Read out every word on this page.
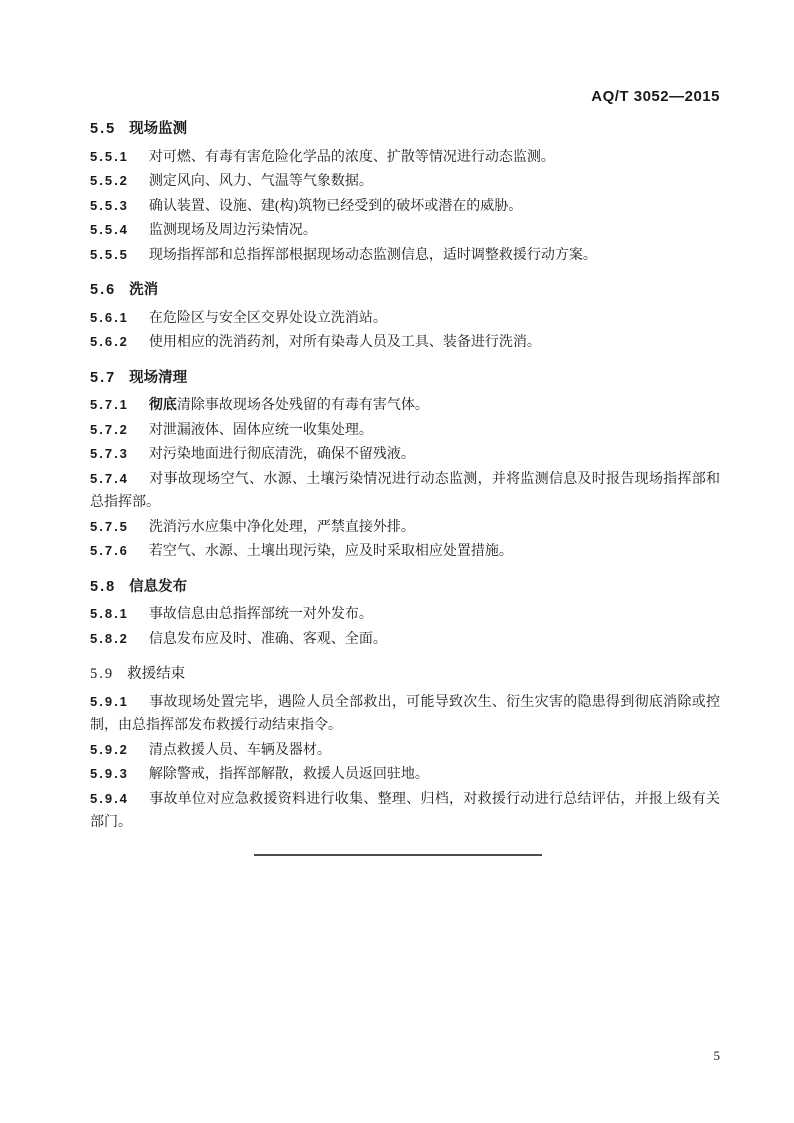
AQ/T 3052—2015
5.5 现场监测

5.5.1 对可燃、有毒有害危险化学品的浓度、扩散等情况进行动态监测。

5.5.2 测定风向、风力、气温等气象数据。

5.5.3 确认装置、设施、建(构)筑物已经受到的破坏或潜在的威胁。

5.5.4 监测现场及周边污染情况。

5.5.5 现场指挥部和总指挥部根据现场动态监测信息，适时调整救援行动方案。

5.6 洗消

5.6.1 在危险区与安全区交界处设立洗消站。

5.6.2 使用相应的洗消药剂，对所有染毒人员及工具、装备进行洗消。

5.7 现场清理

5.7.1 彻底清除事故现场各处残留的有毒有害气体。

5.7.2 对泄漏液体、固体应统一收集处理。

5.7.3 对污染地面进行彻底清洗，确保不留残液。

5.7.4 对事故现场空气、水源、土壤污染情况进行动态监测，并将监测信息及时报告现场指挥部和总指挥部。

5.7.5 洗消污水应集中净化处理，严禁直接外排。

5.7.6 若空气、水源、土壤出现污染，应及时采取相应处置措施。

5.8 信息发布

5.8.1 事故信息由总指挥部统一对外发布。

5.8.2 信息发布应及时、准确、客观、全面。

5.9 救援结束

5.9.1 事故现场处置完毕，遇险人员全部救出，可能导致次生、衍生灾害的隐患得到彻底消除或控制，由总指挥部发布救援行动结束指令。

5.9.2 清点救援人员、车辆及器材。

5.9.3 解除警戒，指挥部解散，救援人员返回驻地。

5.9.4 事故单位对应急救援资料进行收集、整理、归档，对救援行动进行总结评估，并报上级有关部门。

5
